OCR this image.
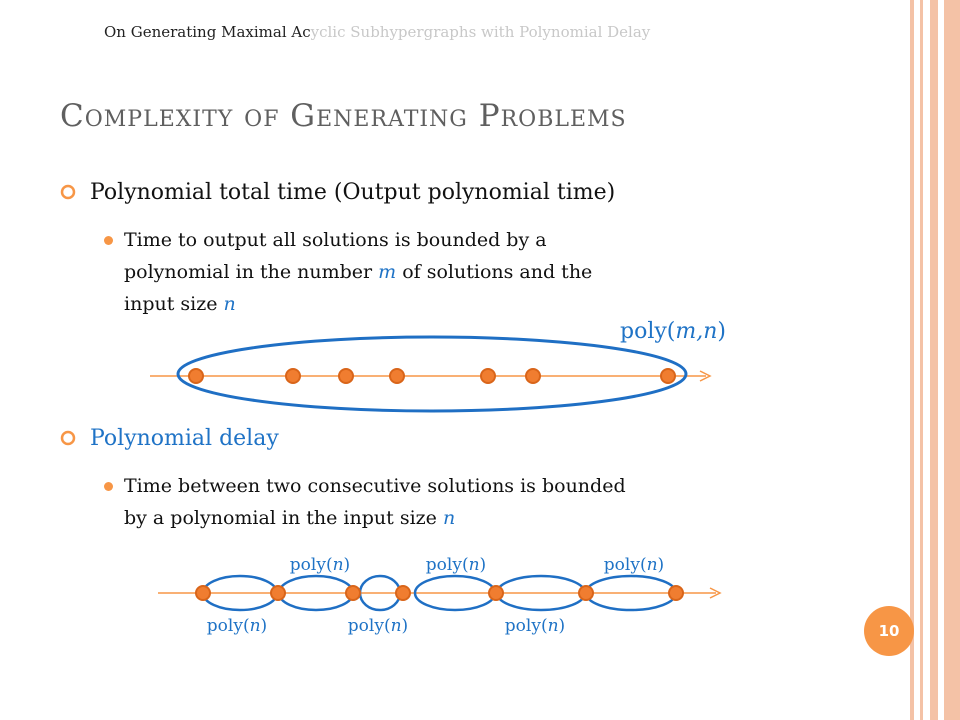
On Generating Maximal Acyclic Subhypergraphs with Polynomial Delay
Complexity of Generating Problems
Polynomial total time (Output polynomial time)
Time to output all solutions is bounded by a
polynomial in the number m of solutions and the
input size n
poly(m,n)
Polynomial delay
Time between two consecutive solutions is bounded
by a polynomial in the input size n
poly(n)	poly(n)	poly(n)
poly(n)	poly(n)	poly(n)	10
